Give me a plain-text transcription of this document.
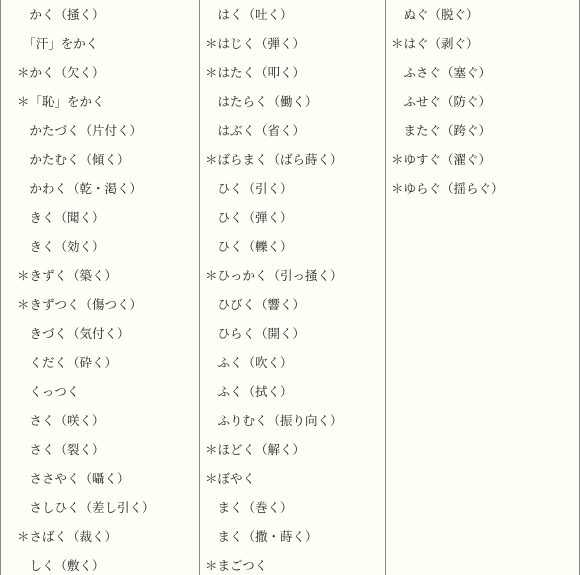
　かく（掻く）
　「汗」をかく
＊かく（欠く）
＊「恥」をかく
　かたづく（片付く）
　かたむく（傾く）
　かわく（乾・渇く）
　きく（聞く）
　きく（効く）
＊きずく（築く）
＊きずつく（傷つく）
　きづく（気付く）
　くだく（砕く）
　くっつく
　さく（咲く）
　さく（裂く）
　ささやく（囁く）
　さしひく（差し引く）
＊さばく（裁く）
　しく（敷く）
　はく（吐く）
＊はじく（弾く）
＊はたく（叩く）
　はたらく（働く）
　はぶく（省く）
＊ばらまく（ばら蒔く）
　ひく（引く）
　ひく（弾く）
　ひく（轢く）
＊ひっかく（引っ掻く）
　ひびく（響く）
　ひらく（開く）
　ふく（吹く）
　ふく（拭く）
　ふりむく（振り向く）
＊ほどく（解く）
＊ぼやく
　まく（巻く）
　まく（撒・蒔く）
＊まごつく
　ぬぐ（脱ぐ）
＊はぐ（剥ぐ）
　ふさぐ（塞ぐ）
　ふせぐ（防ぐ）
　またぐ（跨ぐ）
＊ゆすぐ（濯ぐ）
＊ゆらぐ（揺らぐ）
